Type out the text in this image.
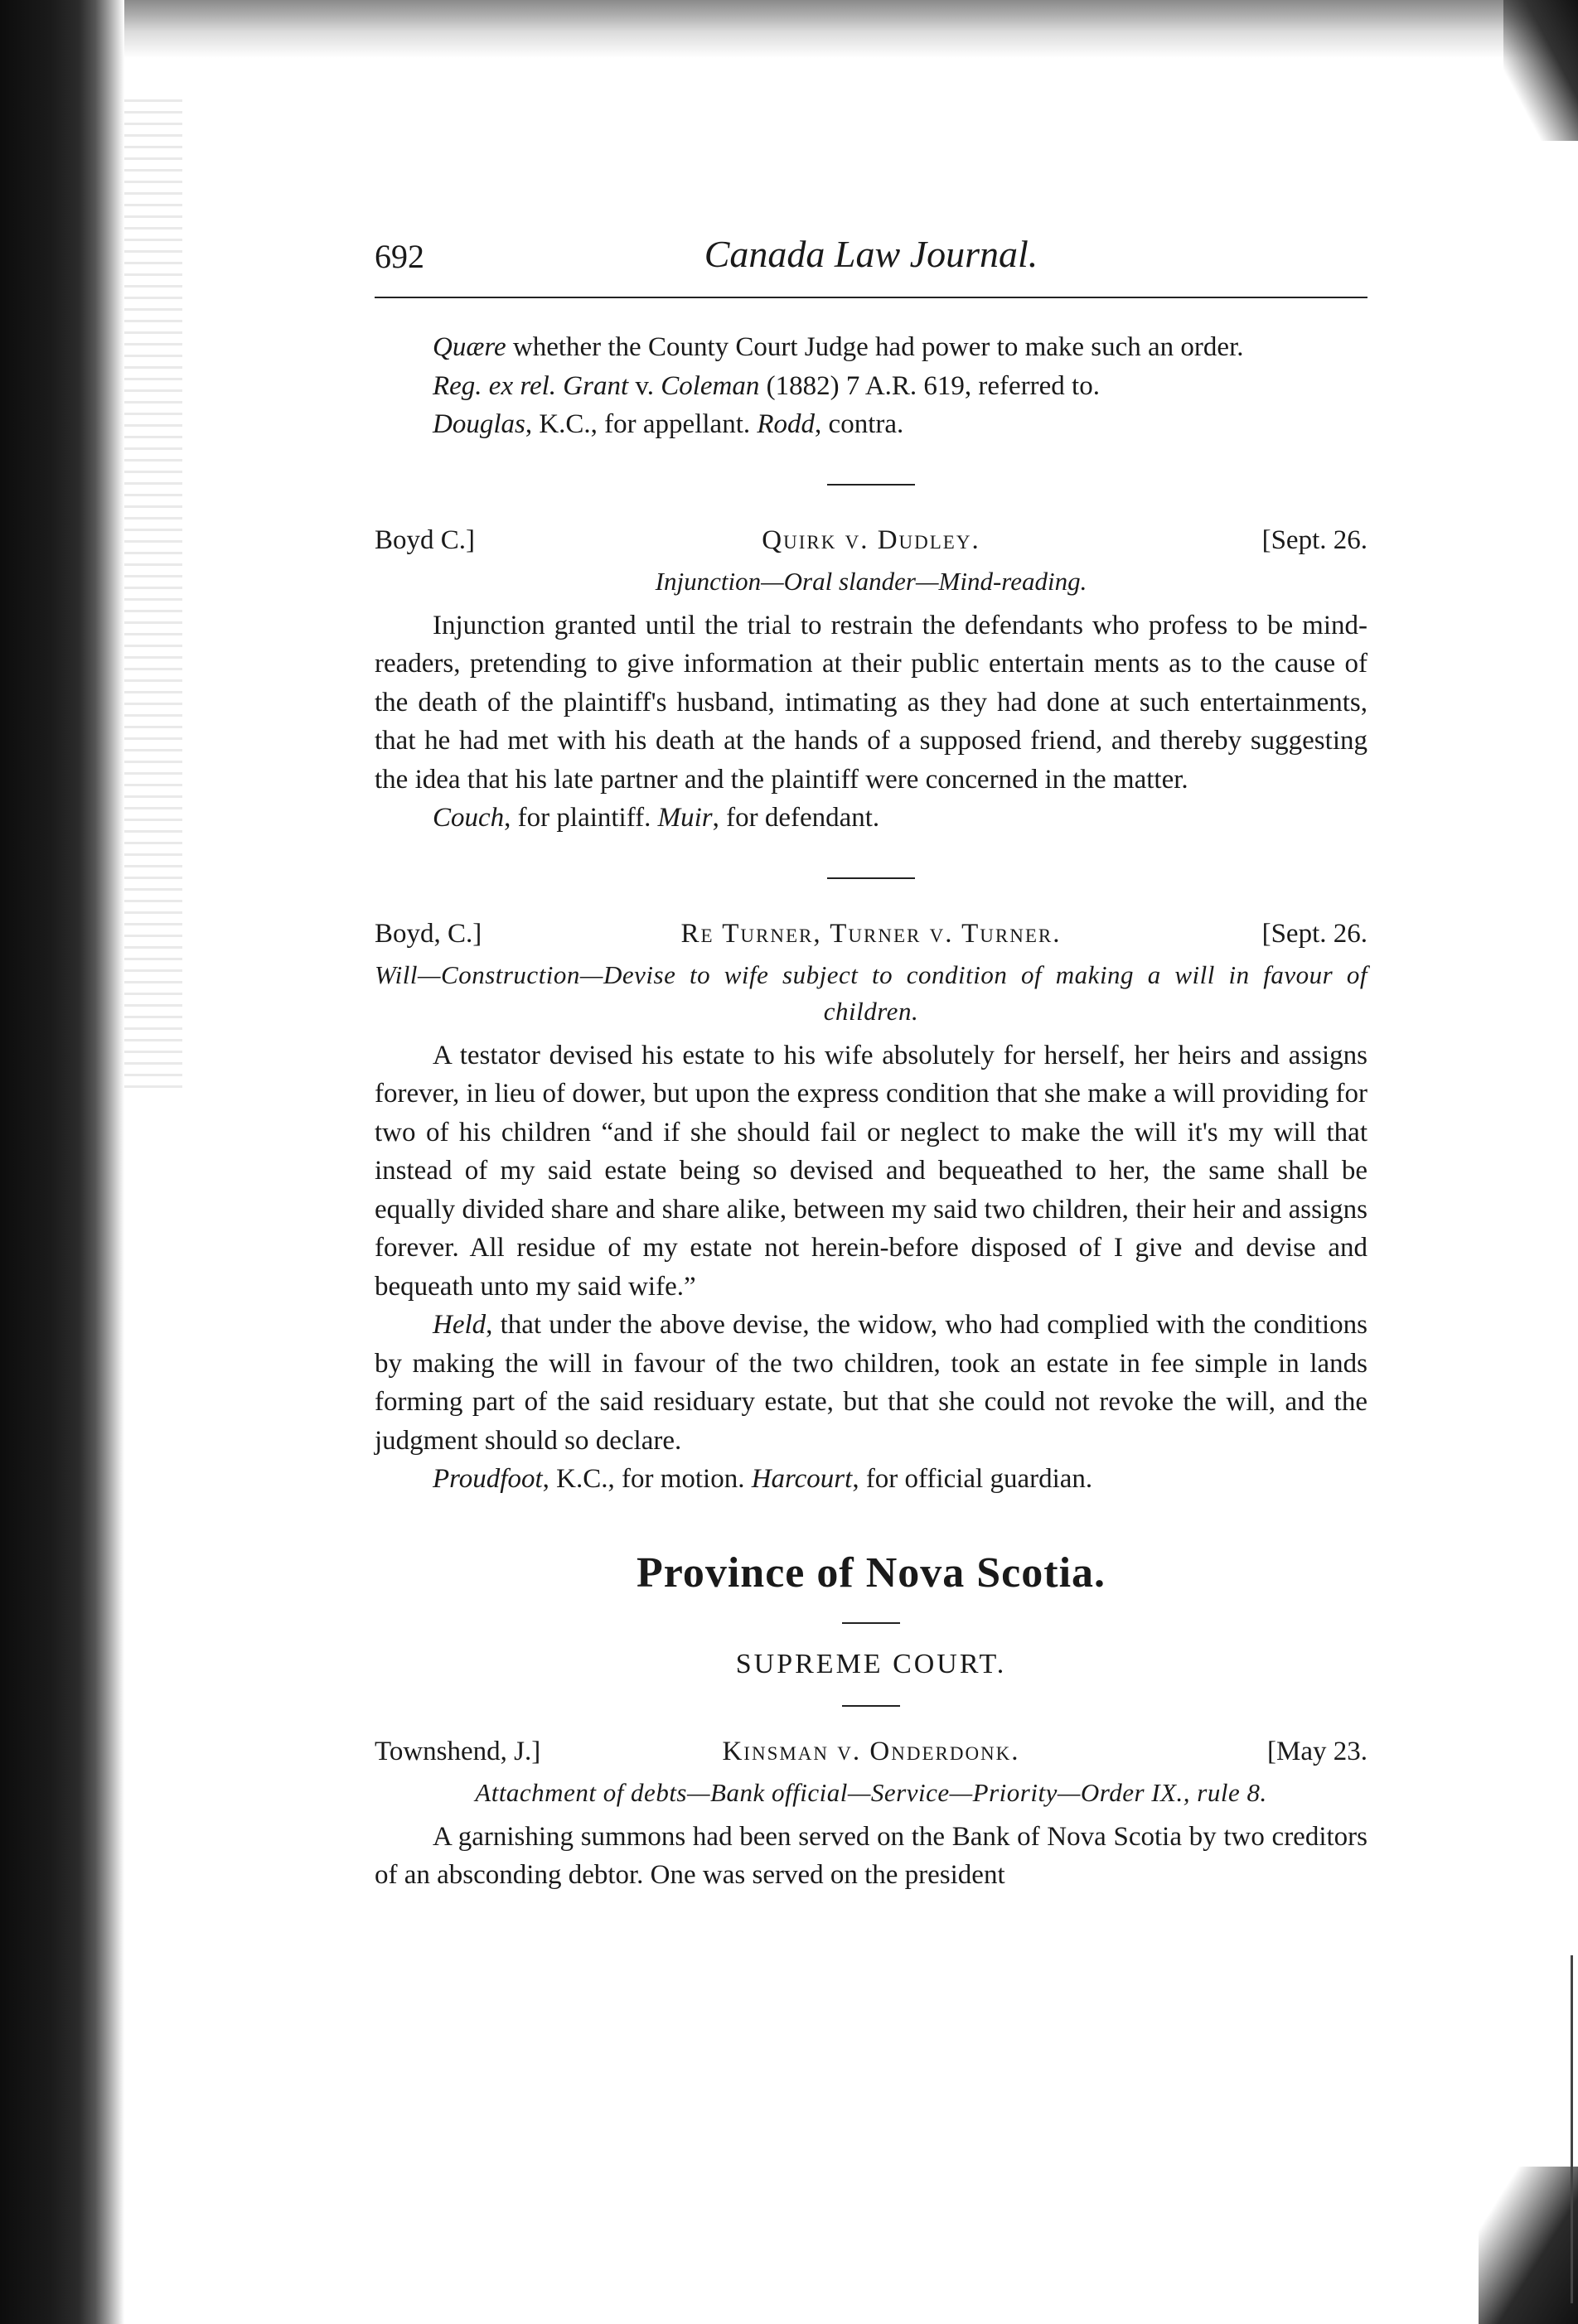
692	Canada Law Journal.

Quære whether the County Court Judge had power to make such an order.

Reg. ex rel. Grant v. Coleman (1882) 7 A.R. 619, referred to.

Douglas, K.C., for appellant. Rodd, contra.

Boyd C.]	Quirk v. Dudley.	[Sept. 26.
Injunction—Oral slander—Mind-reading.

Injunction granted until the trial to restrain the defendants who profess to be mind-readers, pretending to give information at their public entertain ments as to the cause of the death of the plaintiff's husband, intimating as they had done at such entertainments, that he had met with his death at the hands of a supposed friend, and thereby suggesting the idea that his late partner and the plaintiff were concerned in the matter.

Couch, for plaintiff. Muir, for defendant.

Boyd, C.]	Re Turner, Turner v. Turner.	[Sept. 26.
Will—Construction—Devise to wife subject to condition of making a will in favour of children.

A testator devised his estate to his wife absolutely for herself, her heirs and assigns forever, in lieu of dower, but upon the express condition that she make a will providing for two of his children “and if she should fail or neglect to make the will it's my will that instead of my said estate being so devised and bequeathed to her, the same shall be equally divided share and share alike, between my said two children, their heir and assigns forever. All residue of my estate not herein-before disposed of I give and devise and bequeath unto my said wife.”

Held, that under the above devise, the widow, who had complied with the conditions by making the will in favour of the two children, took an estate in fee simple in lands forming part of the said residuary estate, but that she could not revoke the will, and the judgment should so declare.

Proudfoot, K.C., for motion. Harcourt, for official guardian.

Province of Nova Scotia.
SUPREME COURT.
Townshend, J.]	Kinsman v. Onderdonk.	[May 23.
Attachment of debts—Bank official—Service—Priority—Order IX., rule 8.

A garnishing summons had been served on the Bank of Nova Scotia by two creditors of an absconding debtor. One was served on the president
